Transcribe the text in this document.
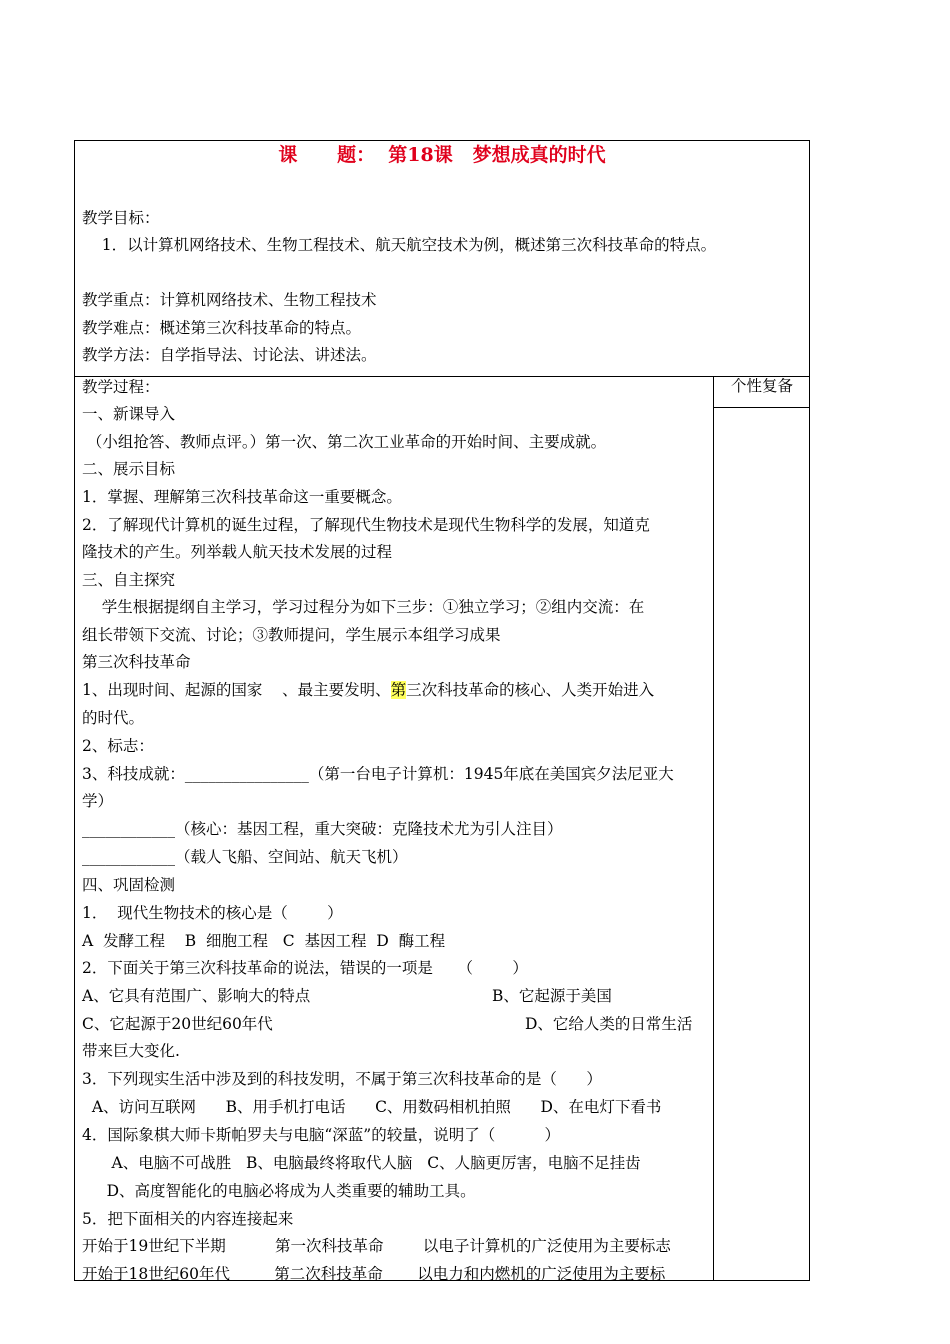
课      题：  第18课   梦想成真的时代
教学目标：
1．以计算机网络技术、生物工程技术、航天航空技术为例，概述第三次科技革命的特点。
教学重点：计算机网络技术、生物工程技术
教学难点：概述第三次科技革命的特点。
教学方法：自学指导法、讨论法、讲述法。
个性复备
教学过程：
一、新课导入
（小组抢答、教师点评。）第一次、第二次工业革命的开始时间、主要成就。
二、展示目标
1．掌握、理解第三次科技革命这一重要概念。
2．了解现代计算机的诞生过程，了解现代生物技术是现代生物科学的发展，知道克
隆技术的产生。列举载人航天技术发展的过程
三、自主探究
学生根据提纲自主学习，学习过程分为如下三步：①独立学习；②组内交流：在
组长带领下交流、讨论；③教师提问，学生展示本组学习成果
第三次科技革命
1、出现时间、起源的国家    、最主要发明、第三次科技革命的核心、人类开始进入
的时代。
2、标志：
3、科技成就：________________（第一台电子计算机：1945年底在美国宾夕法尼亚大
学）
____________（核心：基因工程，重大突破：克隆技术尤为引人注目）
____________（载人飞船、空间站、航天飞机）
四、巩固检测
1．  现代生物技术的核心是（        ）
A  发酵工程    B  细胞工程   C  基因工程  D  酶工程
2．下面关于第三次科技革命的说法，错误的一项是     （        ）
A、它具有范围广、影响大的特点	B、它起源于美国
C、它起源于20世纪60年代	D、它给人类的日常生活
带来巨大变化.
3．下列现实生活中涉及到的科技发明，不属于第三次科技革命的是（      ）
A、访问互联网      B、用手机打电话      C、用数码相机拍照      D、在电灯下看书
4．国际象棋大师卡斯帕罗夫与电脑“深蓝”的较量，说明了（          ）
A、电脑不可战胜   B、电脑最终将取代人脑   C、人脑更厉害，电脑不足挂齿
D、高度智能化的电脑必将成为人类重要的辅助工具。
5．把下面相关的内容连接起来
开始于19世纪下半期          第一次科技革命        以电子计算机的广泛使用为主要标志
开始于18世纪60年代         第二次科技革命       以电力和内燃机的广泛使用为主要标
